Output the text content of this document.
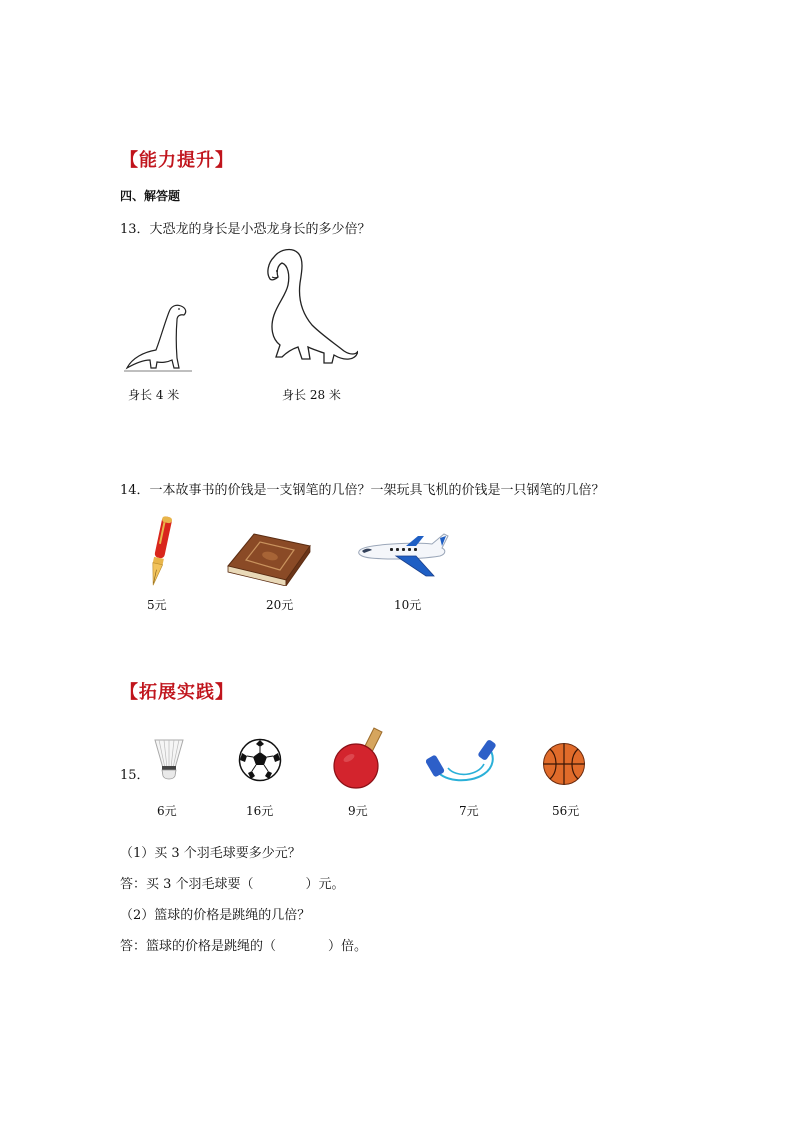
【能力提升】
四、解答题
13．大恐龙的身长是小恐龙身长的多少倍？
身长 4 米	身长 28 米
14．一本故事书的价钱是一支钢笔的几倍？一架玩具飞机的价钱是一只钢笔的几倍？
5元	20元	10元
【拓展实践】
15．
6元	16元	9元	7元	56元
（1）买 3 个羽毛球要多少元？
答：买 3 个羽毛球要（	）元。
（2）篮球的价格是跳绳的几倍？
答：篮球的价格是跳绳的（	）倍。
